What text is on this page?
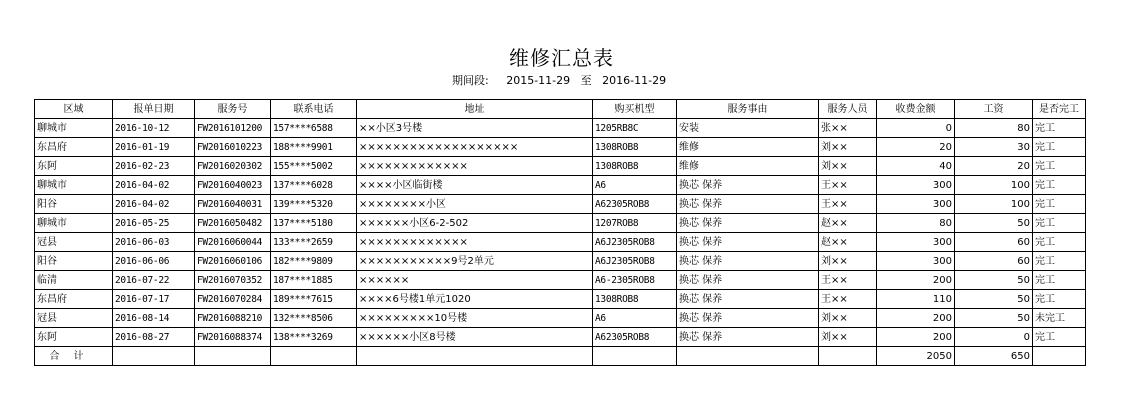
维修汇总表
期间段: 2015-11-29 至 2016-11-29
区域	报单日期	服务号	联系电话	地址	购买机型	服务事由	服务人员	收费金额	工资	是否完工
聊城市	2016-10-12	FW2016101200	157****6588	××小区3号楼	1205RB8C	安装	张××	0	80	完工
东昌府	2016-01-19	FW2016010223	188****9901	×××××××××××××××××××	1308ROB8	维修	刘××	20	30	完工
东阿	2016-02-23	FW2016020302	155****5002	×××××××××××××	1308ROB8	维修	刘××	40	20	完工
聊城市	2016-04-02	FW2016040023	137****6028	××××小区临街楼	A6	换芯 保养	王××	300	100	完工
阳谷	2016-04-02	FW2016040031	139****5320	××××××××小区	A62305ROB8	换芯 保养	王××	300	100	完工
聊城市	2016-05-25	FW2016050482	137****5180	××××××小区6-2-502	1207ROB8	换芯 保养	赵××	80	50	完工
冠县	2016-06-03	FW2016060044	133****2659	×××××××××××××	A6J2305ROB8	换芯 保养	赵××	300	60	完工
阳谷	2016-06-06	FW2016060106	182****9809	×××××××××××9号2单元	A6J2305ROB8	换芯 保养	刘××	300	60	完工
临清	2016-07-22	FW2016070352	187****1885	××××××	A6-2305ROB8	换芯 保养	王××	200	50	完工
东昌府	2016-07-17	FW2016070284	189****7615	××××6号楼1单元1020	1308ROB8	换芯 保养	王××	110	50	完工
冠县	2016-08-14	FW2016088210	132****8506	×××××××××10号楼	A6	换芯 保养	刘××	200	50	未完工
东阿	2016-08-27	FW2016088374	138****3269	××××××小区8号楼	A62305ROB8	换芯 保养	刘××	200	0	完工
合计								2050	650	
